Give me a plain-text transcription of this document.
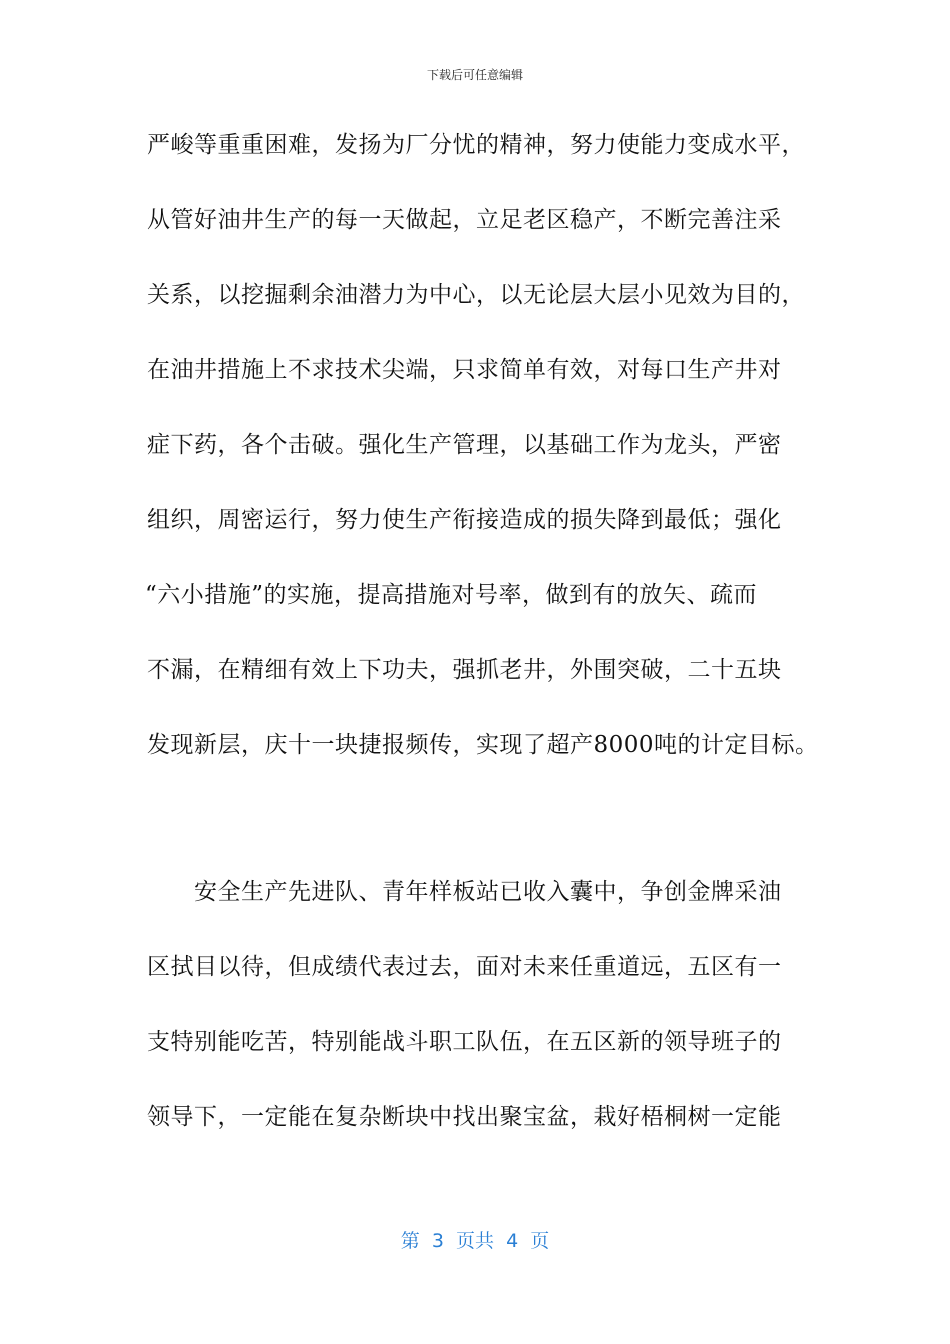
下载后可任意编辑
严峻等重重困难，发扬为厂分忧的精神，努力使能力变成水平，
从管好油井生产的每一天做起，立足老区稳产，不断完善注采
关系，以挖掘剩余油潜力为中心，以无论层大层小见效为目的，
在油井措施上不求技术尖端，只求简单有效，对每口生产井对
症下药，各个击破。强化生产管理，以基础工作为龙头，严密
组织，周密运行，努力使生产衔接造成的损失降到最低；强化
“六小措施”的实施，提高措施对号率，做到有的放矢、疏而
不漏，在精细有效上下功夫，强抓老井，外围突破，二十五块
发现新层，庆十一块捷报频传，实现了超产8000吨的计定目标。
安全生产先进队、青年样板站已收入囊中，争创金牌采油
区拭目以待，但成绩代表过去，面对未来任重道远，五区有一
支特别能吃苦，特别能战斗职工队伍，在五区新的领导班子的
领导下，一定能在复杂断块中找出聚宝盆，栽好梧桐树一定能
第  3  页共  4  页
